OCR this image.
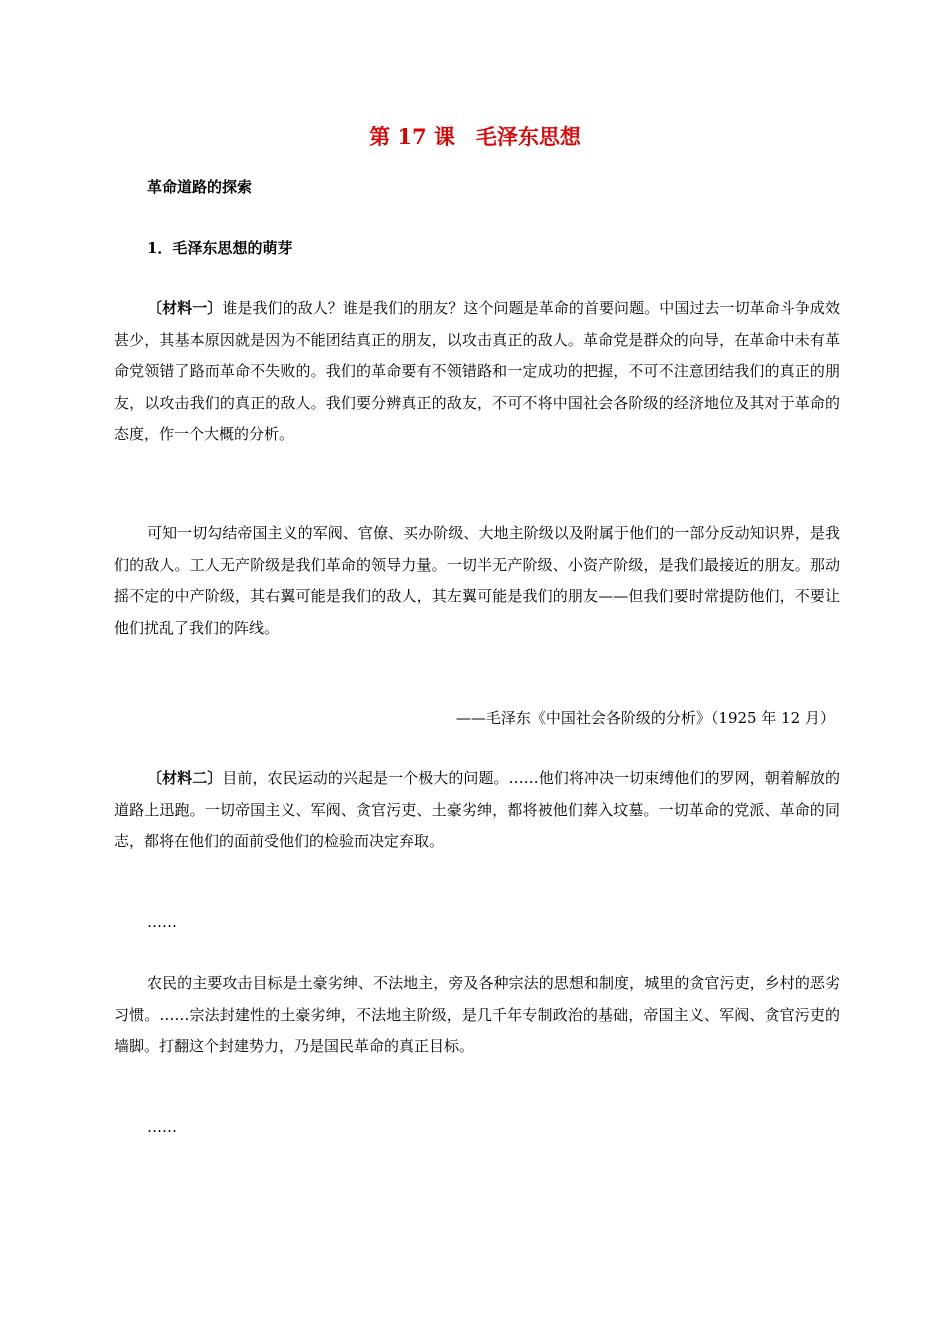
第 17 课　毛泽东思想
革命道路的探索
1．毛泽东思想的萌芽
〔材料一〕谁是我们的敌人？谁是我们的朋友？这个问题是革命的首要问题。中国过去一切革命斗争成效甚少，其基本原因就是因为不能团结真正的朋友，以攻击真正的敌人。革命党是群众的向导，在革命中未有革命党领错了路而革命不失败的。我们的革命要有不领错路和一定成功的把握，不可不注意团结我们的真正的朋友，以攻击我们的真正的敌人。我们要分辨真正的敌友，不可不将中国社会各阶级的经济地位及其对于革命的态度，作一个大概的分析。
可知一切勾结帝国主义的军阀、官僚、买办阶级、大地主阶级以及附属于他们的一部分反动知识界，是我们的敌人。工人无产阶级是我们革命的领导力量。一切半无产阶级、小资产阶级，是我们最接近的朋友。那动摇不定的中产阶级，其右翼可能是我们的敌人，其左翼可能是我们的朋友——但我们要时常提防他们，不要让他们扰乱了我们的阵线。
——毛泽东《中国社会各阶级的分析》（1925 年 12 月）
〔材料二〕目前，农民运动的兴起是一个极大的问题。……他们将冲决一切束缚他们的罗网，朝着解放的道路上迅跑。一切帝国主义、军阀、贪官污吏、土豪劣绅，都将被他们葬入坟墓。一切革命的党派、革命的同志，都将在他们的面前受他们的检验而决定弃取。
……
农民的主要攻击目标是土豪劣绅、不法地主，旁及各种宗法的思想和制度，城里的贪官污吏，乡村的恶劣习惯。……宗法封建性的土豪劣绅，不法地主阶级，是几千年专制政治的基础，帝国主义、军阀、贪官污吏的墙脚。打翻这个封建势力，乃是国民革命的真正目标。
……
